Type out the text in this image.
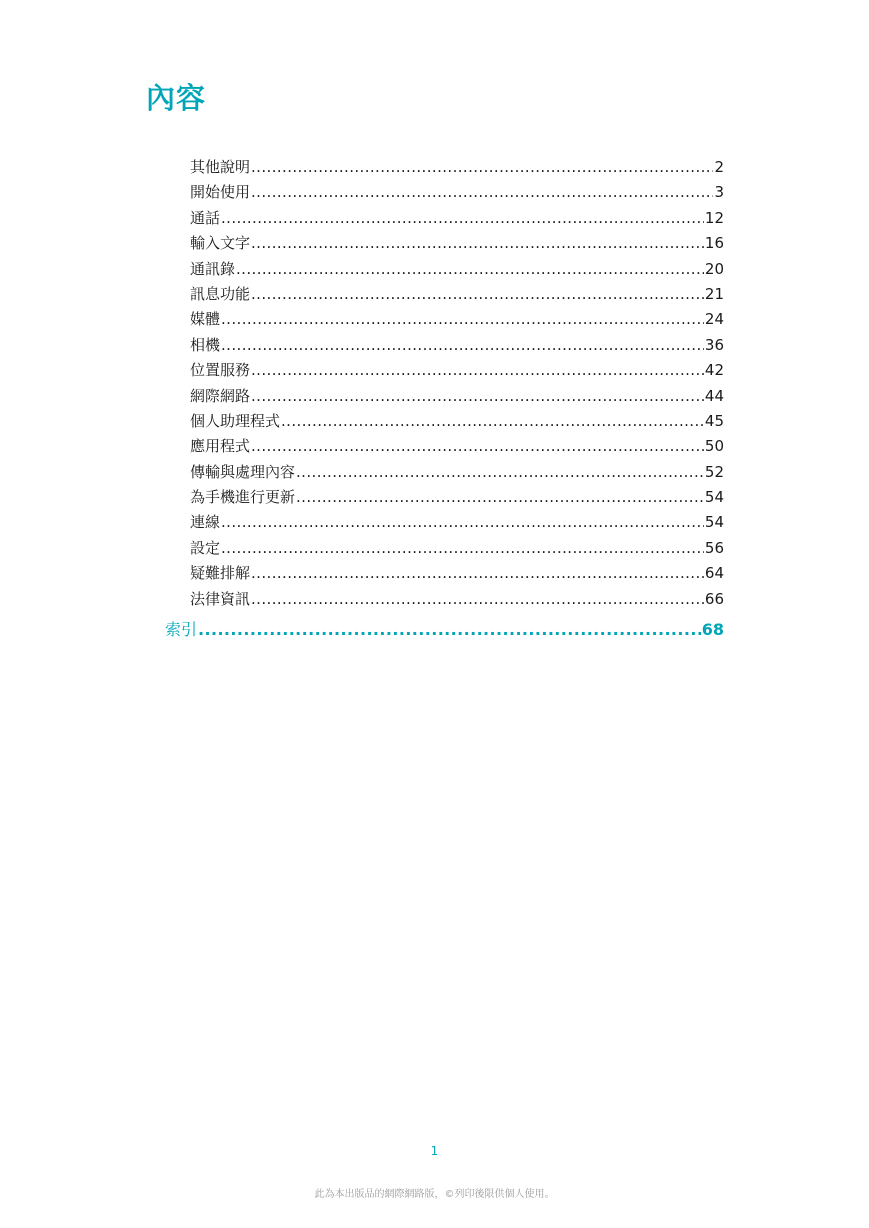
內容
其他說明 .....	2
開始使用 .....	3
通話 .....	12
輸入文字 .....	16
通訊錄 .....	20
訊息功能 .....	21
媒體 .....	24
相機 .....	36
位置服務 .....	42
網際網路 .....	44
個人助理程式 .....	45
應用程式 .....	50
傳輸與處理內容 .....	52
為手機進行更新 .....	54
連線 .....	54
設定 .....	56
疑難排解 .....	64
法律資訊 .....	66
索引 .....	68
1
此為本出版品的網際網路版，©列印後限供個人使用。
